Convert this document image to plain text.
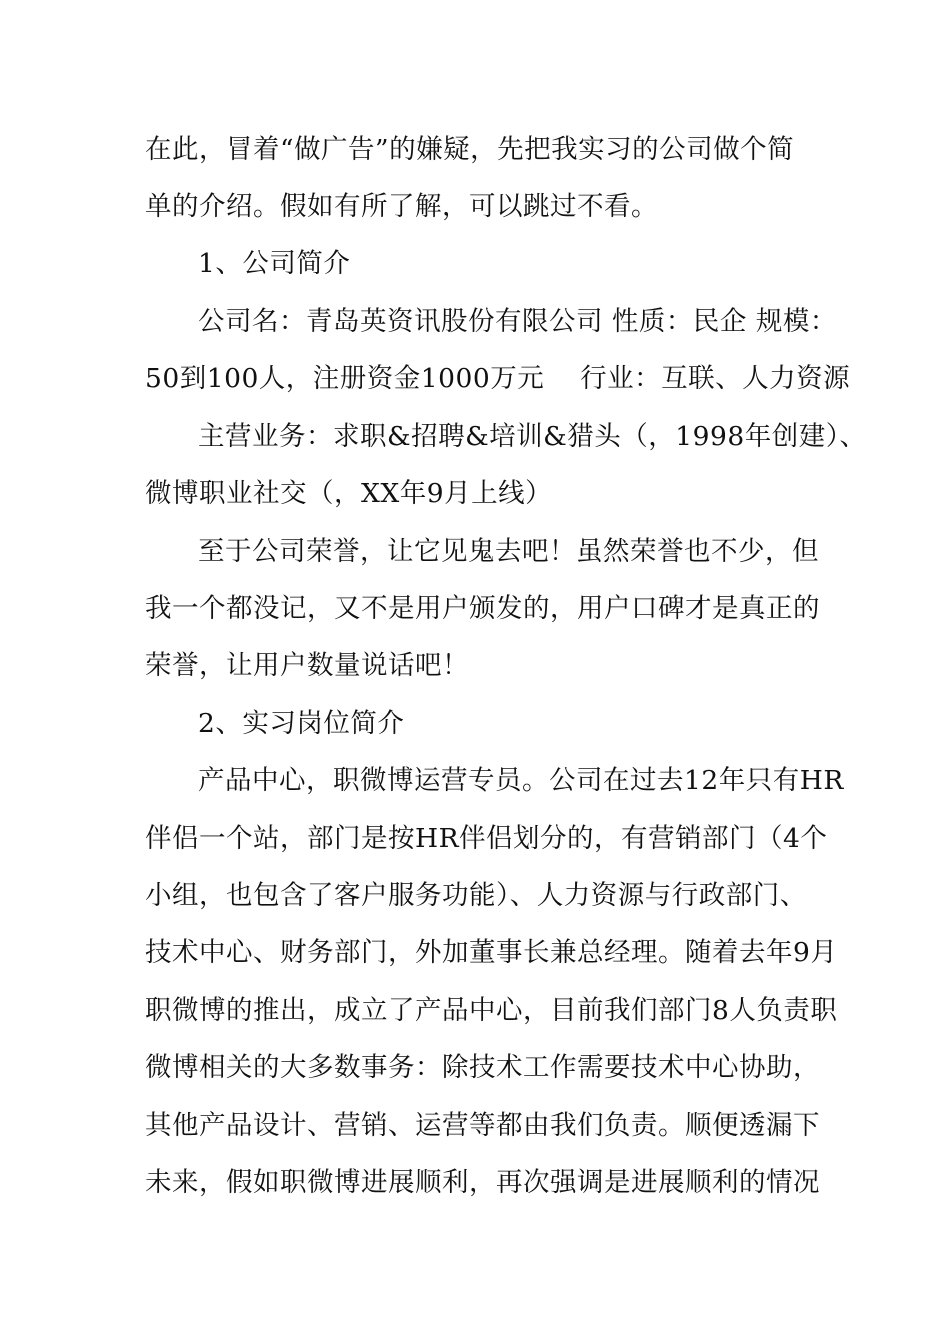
在此，冒着“做广告”的嫌疑，先把我实习的公司做个简
单的介绍。假如有所了解，可以跳过不看。
1、公司简介
公司名：青岛英资讯股份有限公司 性质：民企 规模：
50到100人，注册资金1000万元　 行业：互联、人力资源
主营业务：求职&招聘&培训&猎头（，1998年创建）、
微博职业社交（，XX年9月上线）
至于公司荣誉，让它见鬼去吧！虽然荣誉也不少，但
我一个都没记，又不是用户颁发的，用户口碑才是真正的
荣誉，让用户数量说话吧！
2、实习岗位简介
产品中心，职微博运营专员。公司在过去12年只有HR
伴侣一个站，部门是按HR伴侣划分的，有营销部门（4个
小组，也包含了客户服务功能）、人力资源与行政部门、
技术中心、财务部门，外加董事长兼总经理。随着去年9月
职微博的推出，成立了产品中心，目前我们部门8人负责职
微博相关的大多数事务：除技术工作需要技术中心协助，
其他产品设计、营销、运营等都由我们负责。顺便透漏下
未来，假如职微博进展顺利，再次强调是进展顺利的情况
